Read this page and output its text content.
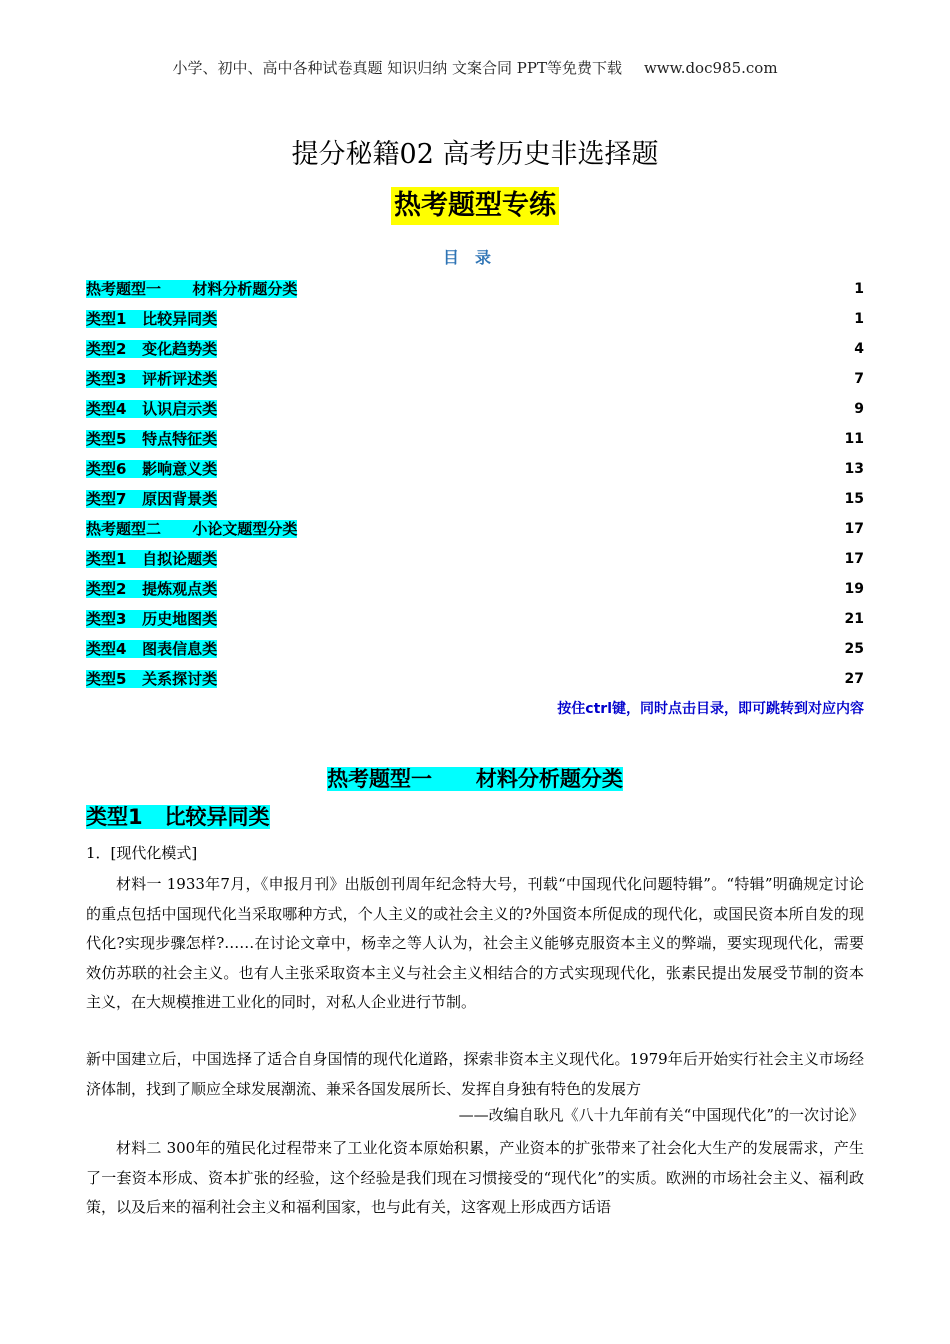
小学、初中、高中各种试卷真题 知识归纳 文案合同 PPT等免费下载 www.doc985.com
提分秘籍02 高考历史非选择题
热考题型专练
目录
热考题型一      材料分析题分类	1
类型1   比较异同类	1
类型2   变化趋势类	4
类型3   评析评述类	7
类型4   认识启示类	9
类型5   特点特征类	11
类型6   影响意义类	13
类型7   原因背景类	15
热考题型二      小论文题型分类	17
类型1   自拟论题类	17
类型2   提炼观点类	19
类型3   历史地图类	21
类型4   图表信息类	25
类型5   关系探讨类	27
按住ctrl键，同时点击目录，即可跳转到对应内容
热考题型一      材料分析题分类
类型1   比较异同类
1．[现代化模式]
材料一 1933年7月，《申报月刊》出版创刊周年纪念特大号，刊载“中国现代化问题特辑”。“特辑”明确规定讨论的重点包括中国现代化当采取哪种方式，个人主义的或社会主义的?外国资本所促成的现代化，或国民资本所自发的现代化?实现步骤怎样?……在讨论文章中，杨幸之等人认为，社会主义能够克服资本主义的弊端，要实现现代化，需要效仿苏联的社会主义。也有人主张采取资本主义与社会主义相结合的方式实现现代化，张素民提出发展受节制的资本主义，在大规模推进工业化的同时，对私人企业进行节制。
新中国建立后，中国选择了适合自身国情的现代化道路，探索非资本主义现代化。1979年后开始实行社会主义市场经济体制，找到了顺应全球发展潮流、兼采各国发展所长、发挥自身独有特色的发展方
——改编自耿凡《八十九年前有关“中国现代化”的一次讨论》
材料二 300年的殖民化过程带来了工业化资本原始积累，产业资本的扩张带来了社会化大生产的发展需求，产生了一套资本形成、资本扩张的经验，这个经验是我们现在习惯接受的“现代化”的实质。欧洲的市场社会主义、福利政策，以及后来的福利社会主义和福利国家，也与此有关，这客观上形成西方话语
